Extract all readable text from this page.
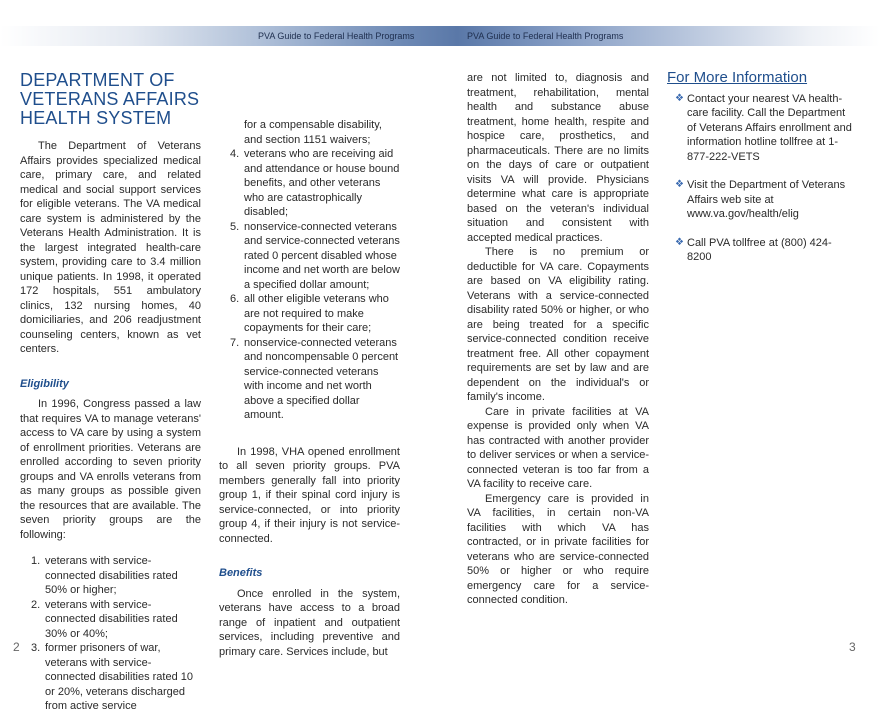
PVA Guide to Federal Health Programs	PVA Guide to Federal Health Programs
DEPARTMENT OF VETERANS AFFAIRS HEALTH SYSTEM

The Department of Veterans Affairs provides specialized medical care, primary care, and related medical and social support services for eligible veterans. The VA medical care system is administered by the Veterans Health Administration. It is the largest integrated health-care system, providing care to 3.4 million unique patients. In 1998, it operated 172 hospitals, 551 ambulatory clinics, 132 nursing homes, 40 domiciliaries, and 206 readjustment counseling centers, known as vet centers.

Eligibility

In 1996, Congress passed a law that requires VA to manage veterans' access to VA care by using a system of enrollment priorities. Veterans are enrolled according to seven priority groups and VA enrolls veterans from as many groups as possible given the resources that are available. The seven priority groups are the following:

1. veterans with service-connected disabilities rated 50% or higher;
2. veterans with service-connected disabilities rated 30% or 40%;
3. former prisoners of war, veterans with service-connected disabilities rated 10 or 20%, veterans discharged from active service
2
for a compensable disability, and section 1151 waivers;
4. veterans who are receiving aid and attendance or house bound benefits, and other veterans who are catastrophically disabled;
5. nonservice-connected veterans and service-connected veterans rated 0 percent disabled whose income and net worth are below a specified dollar amount;
6. all other eligible veterans who are not required to make copayments for their care;
7. nonservice-connected veterans and noncompensable 0 percent service-connected veterans with income and net worth above a specified dollar amount.

In 1998, VHA opened enrollment to all seven priority groups. PVA members generally fall into priority group 1, if their spinal cord injury is service-connected, or into priority group 4, if their injury is not service-connected.

Benefits

Once enrolled in the system, veterans have access to a broad range of inpatient and outpatient services, including preventive and primary care. Services include, but

are not limited to, diagnosis and treatment, rehabilitation, mental health and substance abuse treatment, home health, respite and hospice care, prosthetics, and pharmaceuticals. There are no limits on the days of care or outpatient visits VA will provide. Physicians determine what care is appropriate based on the veteran's individual situation and consistent with accepted medical practices.

There is no premium or deductible for VA care. Copayments are based on VA eligibility rating. Veterans with a service-connected disability rated 50% or higher, or who are being treated for a specific service-connected condition receive treatment free. All other copayment requirements are set by law and are dependent on the individual's or family's income.

Care in private facilities at VA expense is provided only when VA has contracted with another provider to deliver services or when a service-connected veteran is too far from a VA facility to receive care.

Emergency care is provided in VA facilities, in certain non-VA facilities with which VA has contracted, or in private facilities for veterans who are service-connected 50% or higher or who require emergency care for a service-connected condition.

For More Information
❖ Contact your nearest VA health-care facility. Call the Department of Veterans Affairs enrollment and information hotline tollfree at 1-877-222-VETS
❖ Visit the Department of Veterans Affairs web site at www.va.gov/health/elig
❖ Call PVA tollfree at (800) 424-8200
3
